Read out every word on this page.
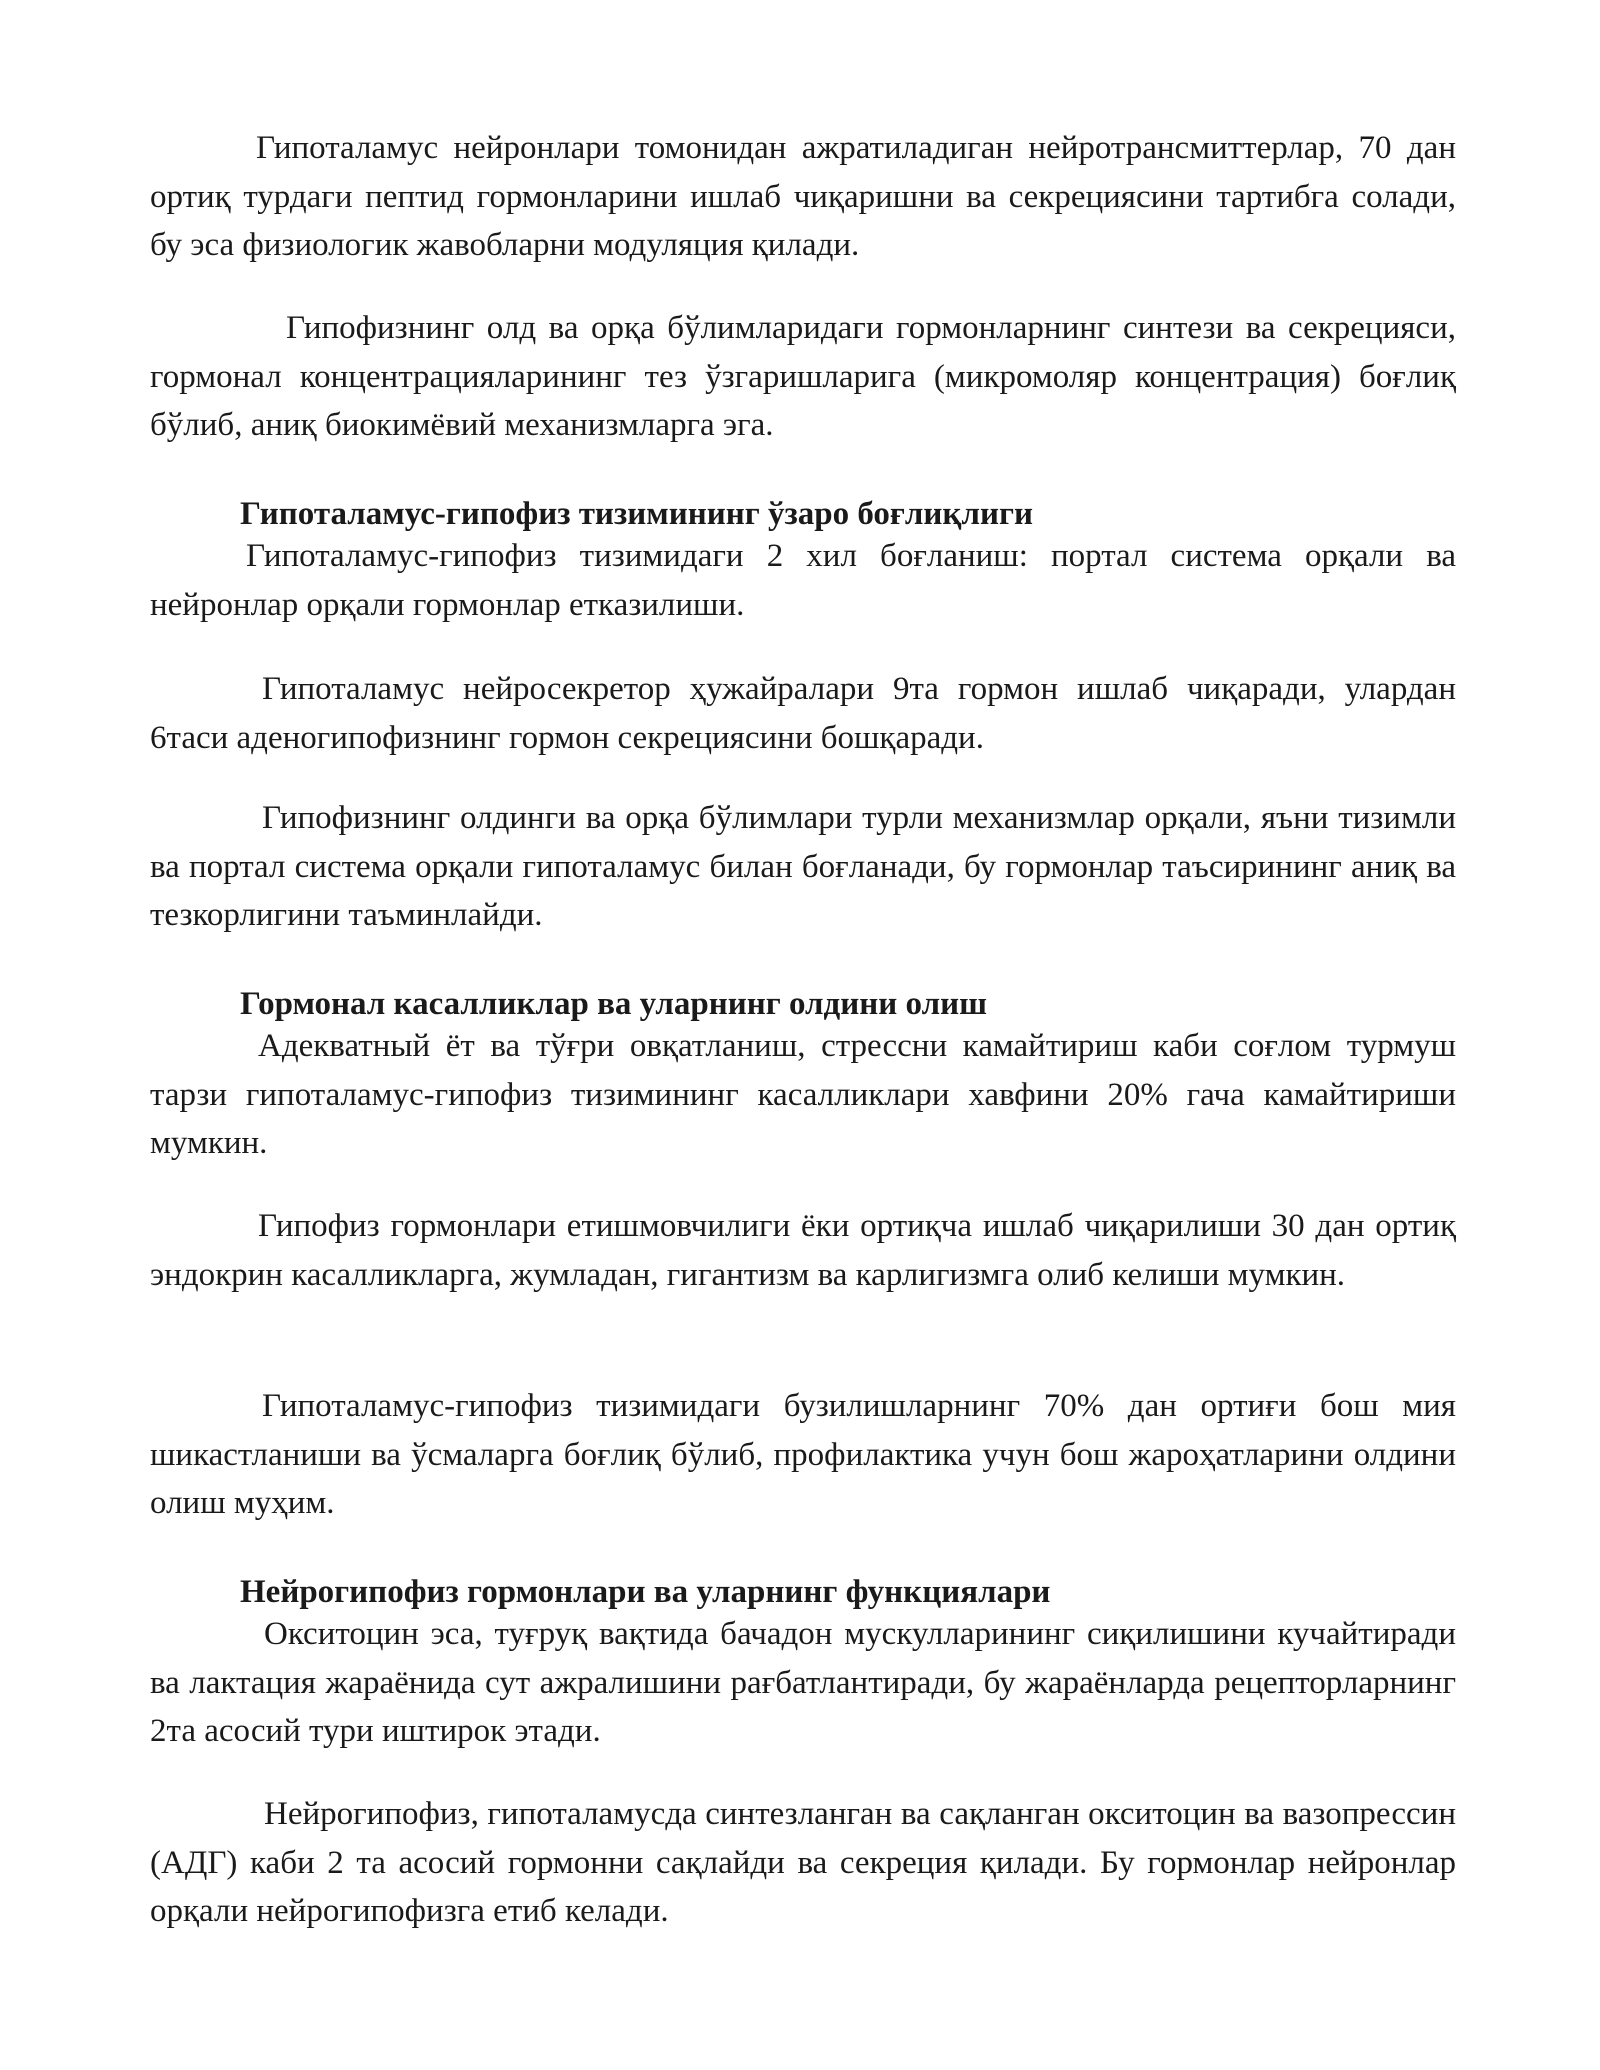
Гипоталамус нейронлари томонидан ажратиладиган нейротрансмиттерлар, 70 дан ортиқ турдаги пептид гормонларини ишлаб чиқаришни ва секрециясини тартибга солади, бу эса физиологик жавобларни модуляция қилади.

Гипофизнинг олд ва орқа бўлимларидаги гормонларнинг синтези ва секрецияси, гормонал концентрацияларининг тез ўзгаришларига (микромоляр концентрация) боғлиқ бўлиб, аниқ биокимёвий механизмларга эга.

Гипоталамус-гипофиз тизимининг ўзаро боғлиқлиги

Гипоталамус-гипофиз тизимидаги 2 хил боғланиш: портал система орқали ва нейронлар орқали гормонлар етказилиши.

Гипоталамус нейросекретор ҳужайралари 9та гормон ишлаб чиқаради, улардан 6таси аденогипофизнинг гормон секрециясини бошқаради.

Гипофизнинг олдинги ва орқа бўлимлари турли механизмлар орқали, яъни тизимли ва портал система орқали гипоталамус билан боғланади, бу гормонлар таъсирининг аниқ ва тезкорлигини таъминлайди.

Гормонал касалликлар ва уларнинг олдини олиш

Адекватный ёт ва тўғри овқатланиш, стрессни камайтириш каби соғлом турмуш тарзи гипоталамус-гипофиз тизимининг касалликлари хавфини 20% гача камайтириши мумкин.

Гипофиз гормонлари етишмовчилиги ёки ортиқча ишлаб чиқарилиши 30 дан ортиқ эндокрин касалликларга, жумладан, гигантизм ва карлигизмга олиб келиши мумкин.

Гипоталамус-гипофиз тизимидаги бузилишларнинг 70% дан ортиғи бош мия шикастланиши ва ўсмаларга боғлиқ бўлиб, профилактика учун бош жароҳатларини олдини олиш муҳим.

Нейрогипофиз гормонлари ва уларнинг функциялари

Окситоцин эса, туғруқ вақтида бачадон мускулларининг сиқилишини кучайтиради ва лактация жараёнида сут ажралишини рағбатлантиради, бу жараёнларда рецепторларнинг 2та асосий тури иштирок этади.

Нейрогипофиз, гипоталамусда синтезланган ва сақланган окситоцин ва вазопрессин (АДГ) каби 2 та асосий гормонни сақлайди ва секреция қилади. Бу гормонлар нейронлар орқали нейрогипофизга етиб келади.
